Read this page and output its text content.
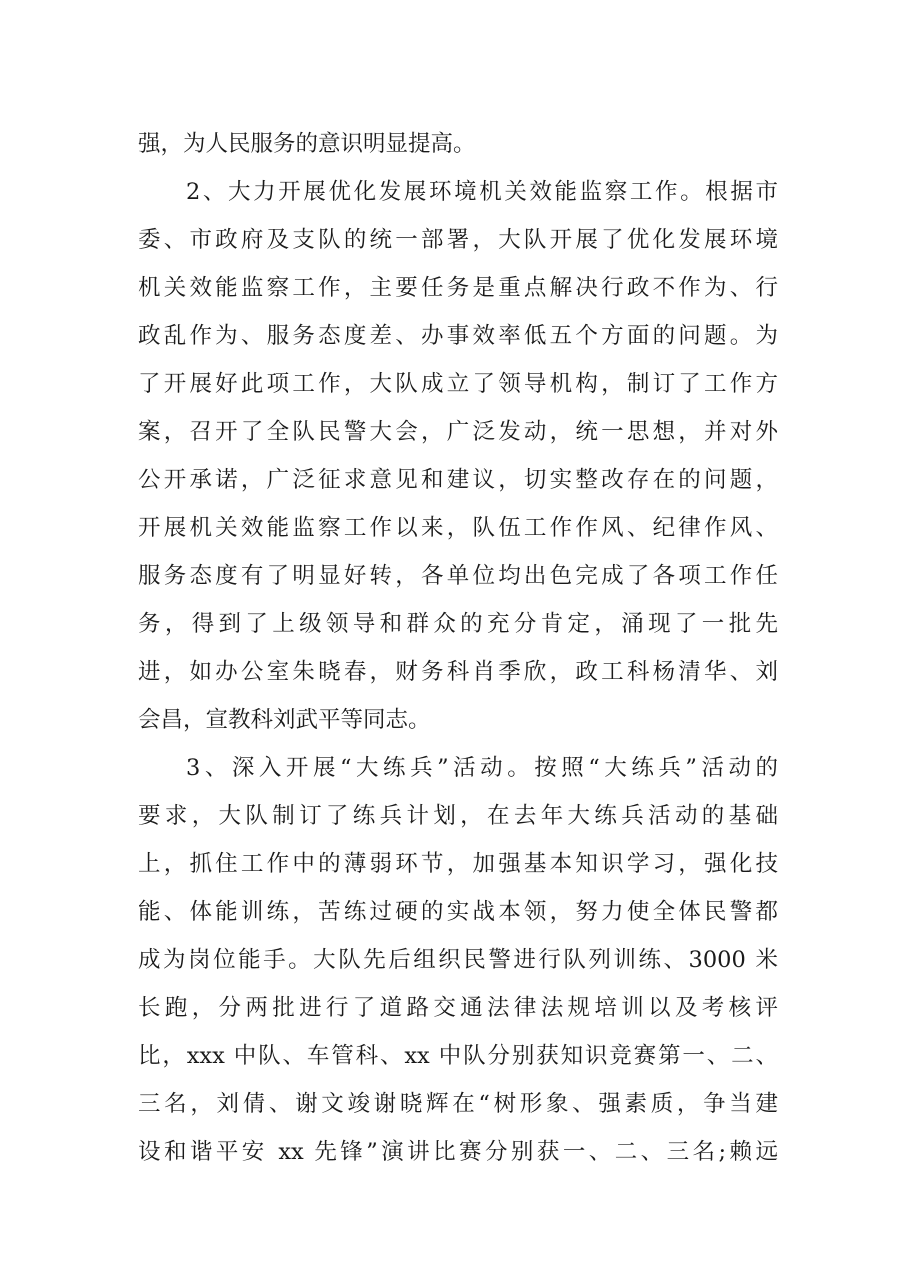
强，为人民服务的意识明显提高。
2、大力开展优化发展环境机关效能监察工作。根据市
委、市政府及支队的统一部署，大队开展了优化发展环境
机关效能监察工作，主要任务是重点解决行政不作为、行
政乱作为、服务态度差、办事效率低五个方面的问题。为
了开展好此项工作，大队成立了领导机构，制订了工作方
案，召开了全队民警大会，广泛发动，统一思想，并对外
公开承诺，广泛征求意见和建议，切实整改存在的问题，
开展机关效能监察工作以来，队伍工作作风、纪律作风、
服务态度有了明显好转，各单位均出色完成了各项工作任
务，得到了上级领导和群众的充分肯定，涌现了一批先
进，如办公室朱晓春，财务科肖季欣，政工科杨清华、刘
会昌，宣教科刘武平等同志。
3、深入开展“大练兵”活动。按照“大练兵”活动的
要求，大队制订了练兵计划，在去年大练兵活动的基础
上，抓住工作中的薄弱环节，加强基本知识学习，强化技
能、体能训练，苦练过硬的实战本领，努力使全体民警都
成为岗位能手。大队先后组织民警进行队列训练、3000 米
长跑，分两批进行了道路交通法律法规培训以及考核评
比，xxx 中队、车管科、xx 中队分别获知识竞赛第一、二、
三名，刘倩、谢文竣谢晓辉在“树形象、强素质，争当建
设和谐平安 xx 先锋”演讲比赛分别获一、二、三名;赖远
